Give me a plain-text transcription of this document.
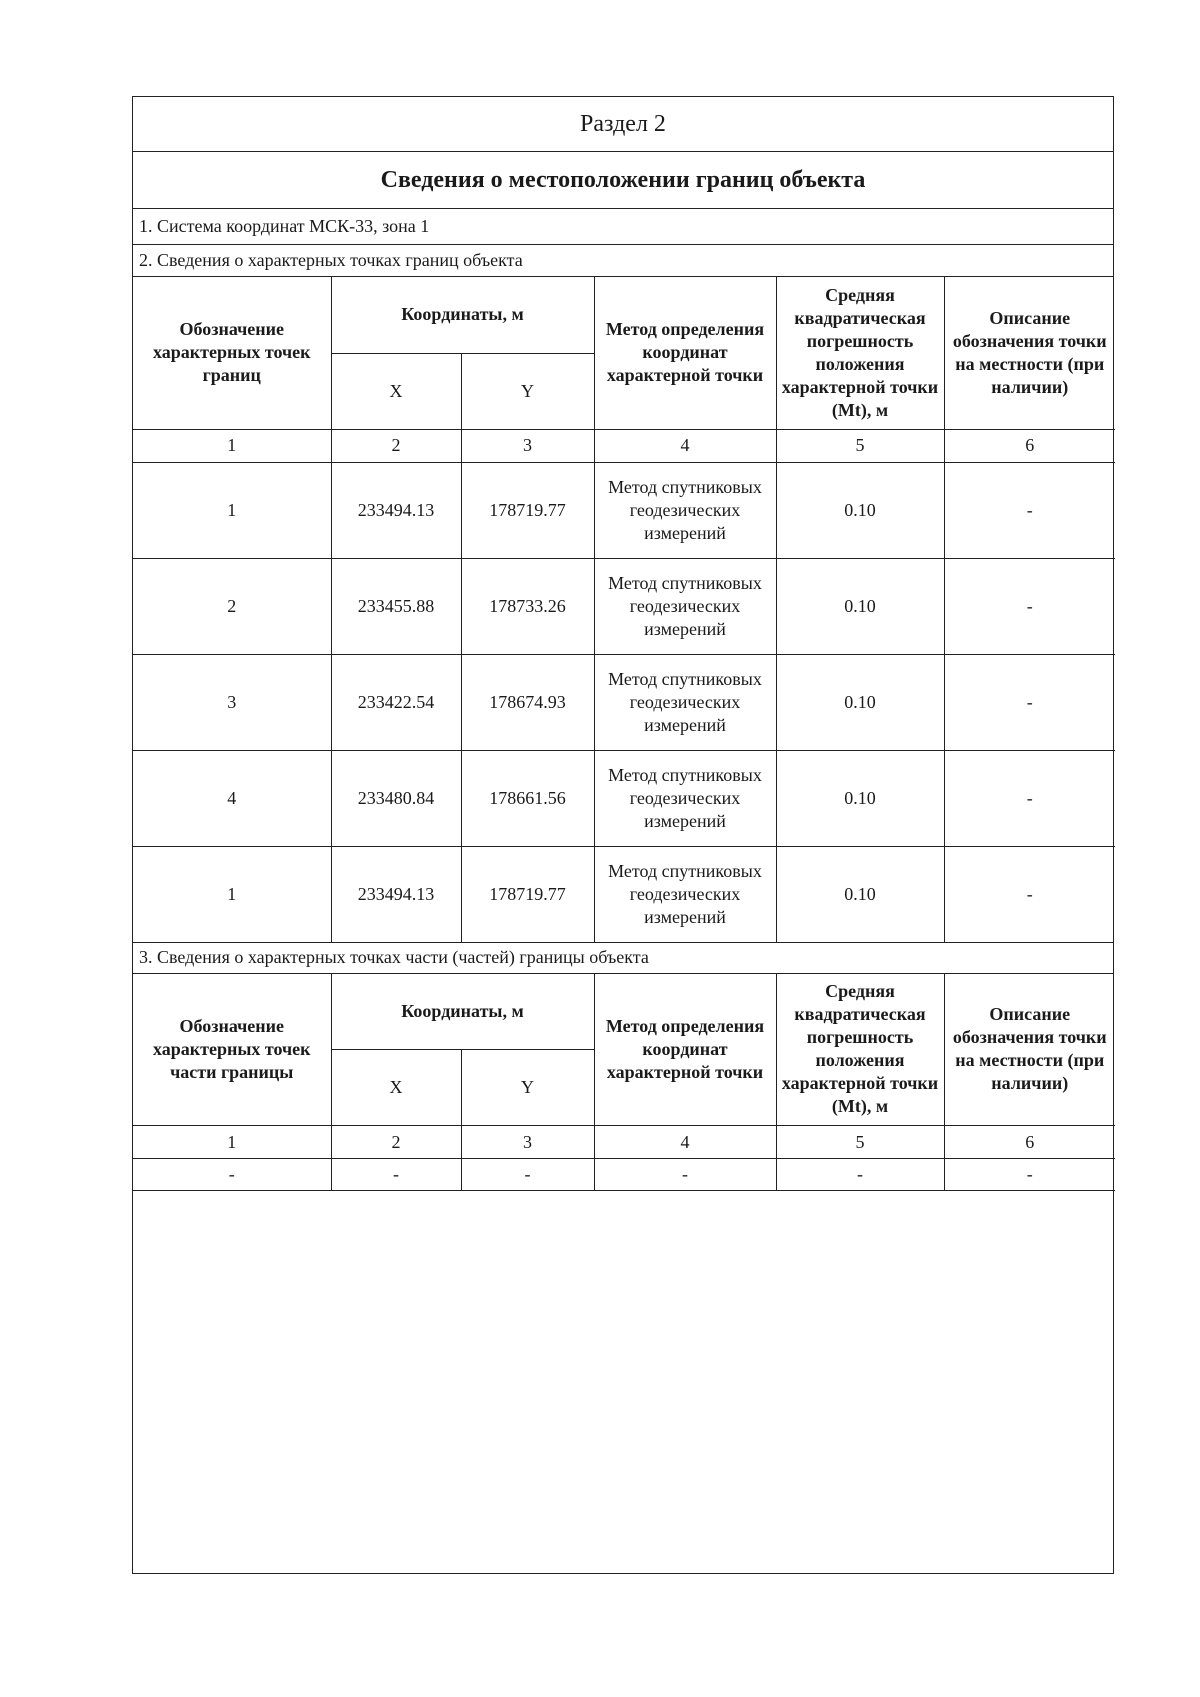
Раздел 2
Сведения о местоположении границ объекта
1. Система координат МСК-33, зона 1
2. Сведения о характерных точках границ объекта
Обозначение характерных точек границ	Координаты, м		Метод определения координат характерной точки	Средняя квадратическая погрешность положения характерной точки (Mt), м	Описание обозначения точки на местности (при наличии)
	X	Y			
1	2	3	4	5	6
1	233494.13	178719.77	Метод спутниковых геодезических измерений	0.10	-
2	233455.88	178733.26	Метод спутниковых геодезических измерений	0.10	-
3	233422.54	178674.93	Метод спутниковых геодезических измерений	0.10	-
4	233480.84	178661.56	Метод спутниковых геодезических измерений	0.10	-
1	233494.13	178719.77	Метод спутниковых геодезических измерений	0.10	-
3. Сведения о характерных точках части (частей) границы объекта
Обозначение характерных точек части границы	Координаты, м		Метод определения координат характерной точки	Средняя квадратическая погрешность положения характерной точки (Mt), м	Описание обозначения точки на местности (при наличии)
	X	Y			
1	2	3	4	5	6
-	-	-	-	-	-
